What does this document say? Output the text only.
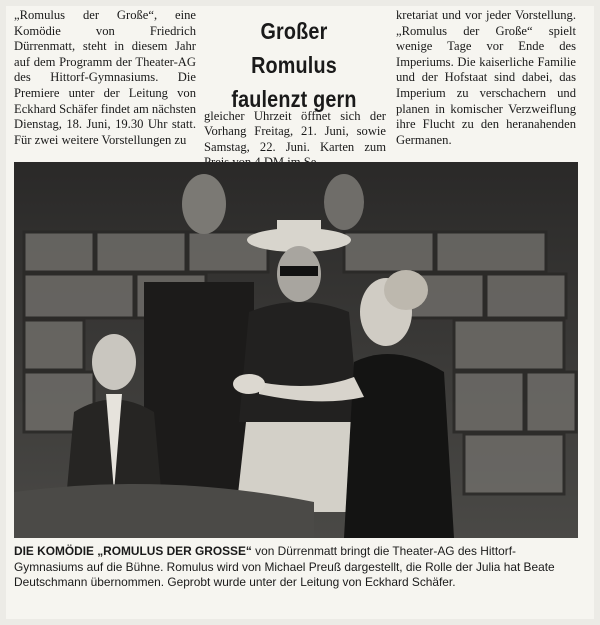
„Romulus der Große“, eine Komödie von Friedrich Dürrenmatt, steht in diesem Jahr auf dem Programm der Theater-AG des Hittorf-Gymnasiums. Die Premiere unter der Leitung von Eckhard Schäfer findet am nächsten Dienstag, 18. Juni, 19.30 Uhr statt. Für zwei weitere Vorstellungen zu

Großer Romulus
faulenzt gern

gleicher Uhrzeit öffnet sich der Vorhang Freitag, 21. Juni, sowie Samstag, 22. Juni. Karten zum

kretariat und vor jeder Vorstellung. „Romulus der Große“ spielt wenige Tage vor Ende des Imperiums. Die kaiserliche Familie und der Hofstaat sind dabei, das Imperium zu verschachern und planen in komischer Verzweiflung ihre Flucht zu den heranahenden Germanen.

DIE KOMÖDIE „ROMULUS DER GROSSE“ von Dürrenmatt bringt die Theater-AG des Hittorf-Gymnasiums auf die Bühne. Romulus wird von Michael Preuß dargestellt, die Rolle der Julia hat Beate Deutschmann übernommen. Geprobt wurde unter der Leitung von Eckhard Schäfer.
